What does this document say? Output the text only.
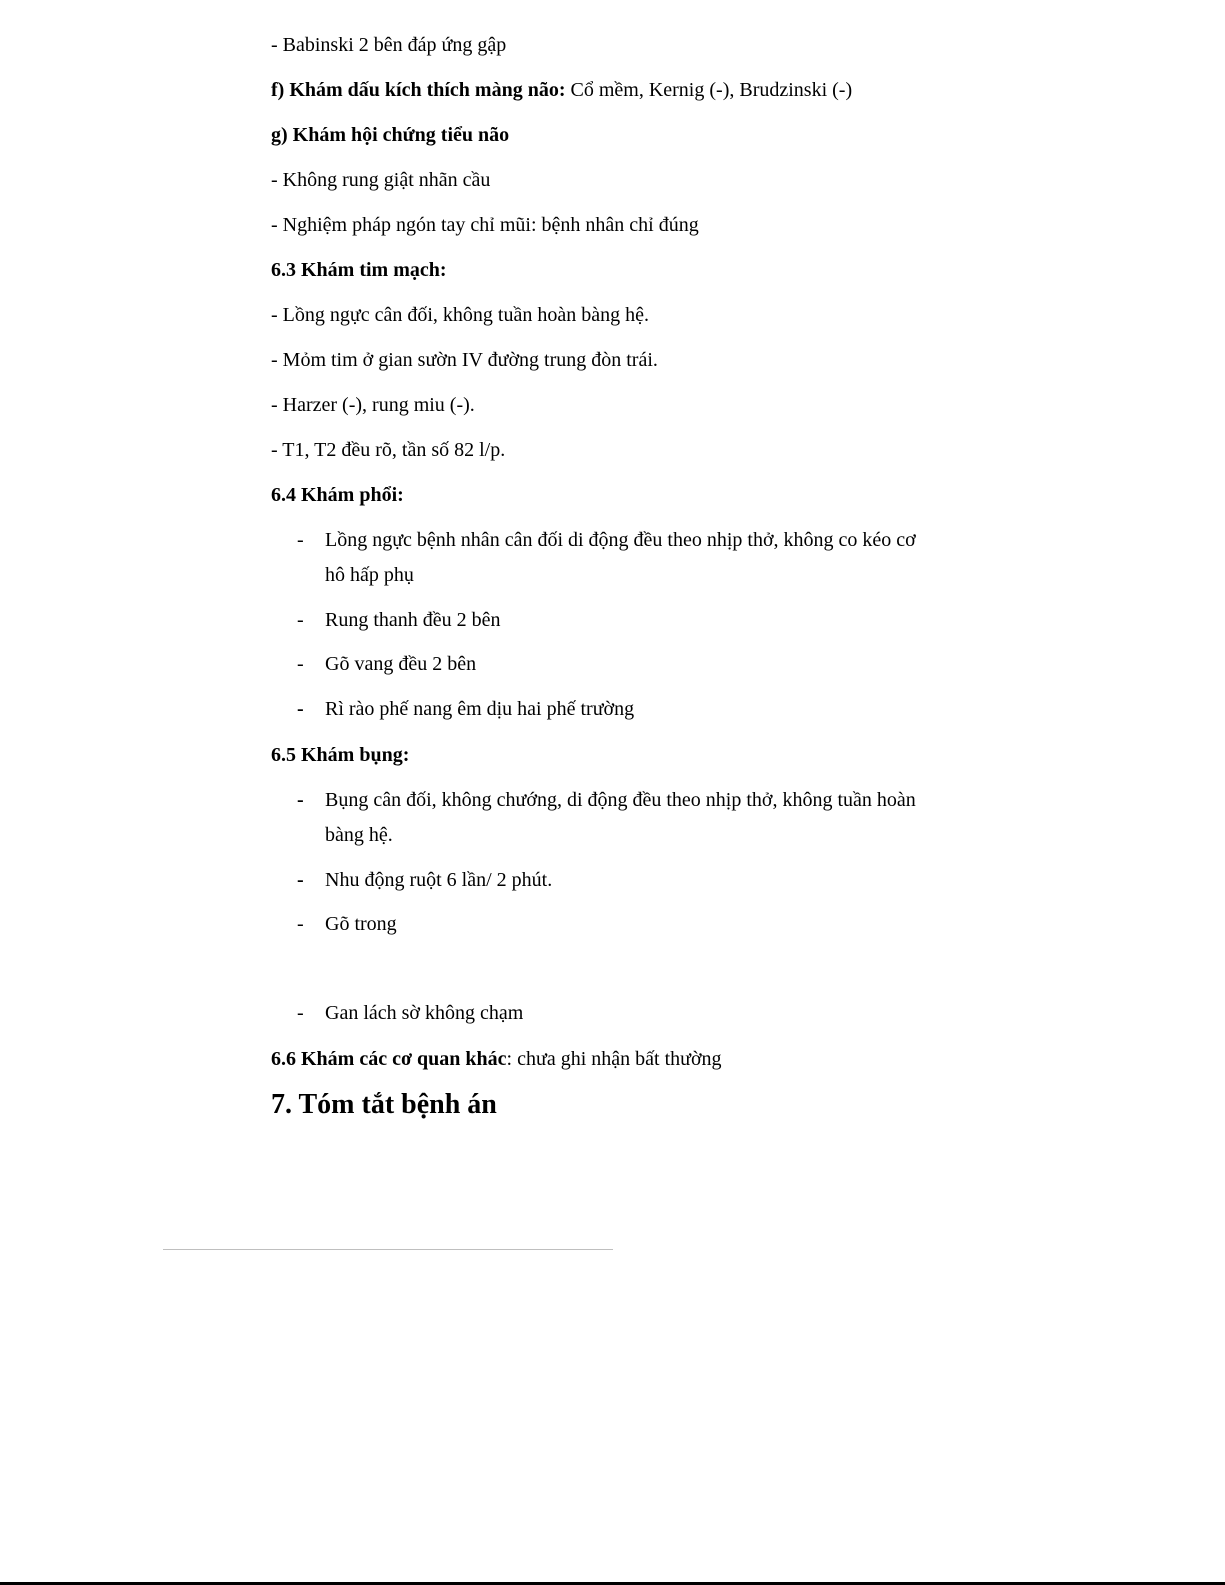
- Babinski 2 bên đáp ứng gập
f) Khám dấu kích thích màng não: Cổ mềm, Kernig (-), Brudzinski (-)
g) Khám hội chứng tiểu não
- Không rung giật nhãn cầu
- Nghiệm pháp ngón tay chỉ mũi: bệnh nhân chỉ đúng
6.3 Khám tim mạch:
- Lồng ngực cân đối, không tuần hoàn bàng hệ.
- Mỏm tim ở gian sườn IV đường trung đòn trái.
- Harzer (-), rung miu (-).
- T1, T2 đều rõ, tần số 82 l/p.
6.4 Khám phổi:
- Lồng ngực bệnh nhân cân đối di động đều theo nhịp thở, không co kéo cơ
hô hấp phụ
- Rung thanh đều 2 bên
- Gõ vang đều 2 bên
- Rì rào phế nang êm dịu hai phế trường
6.5 Khám bụng:
- Bụng cân đối, không chướng, di động đều theo nhịp thở, không tuần hoàn
bàng hệ.
- Nhu động ruột 6 lần/ 2 phút.
- Gõ trong
- Gan lách sờ không chạm
6.6 Khám các cơ quan khác: chưa ghi nhận bất thường
7. Tóm tắt bệnh án
